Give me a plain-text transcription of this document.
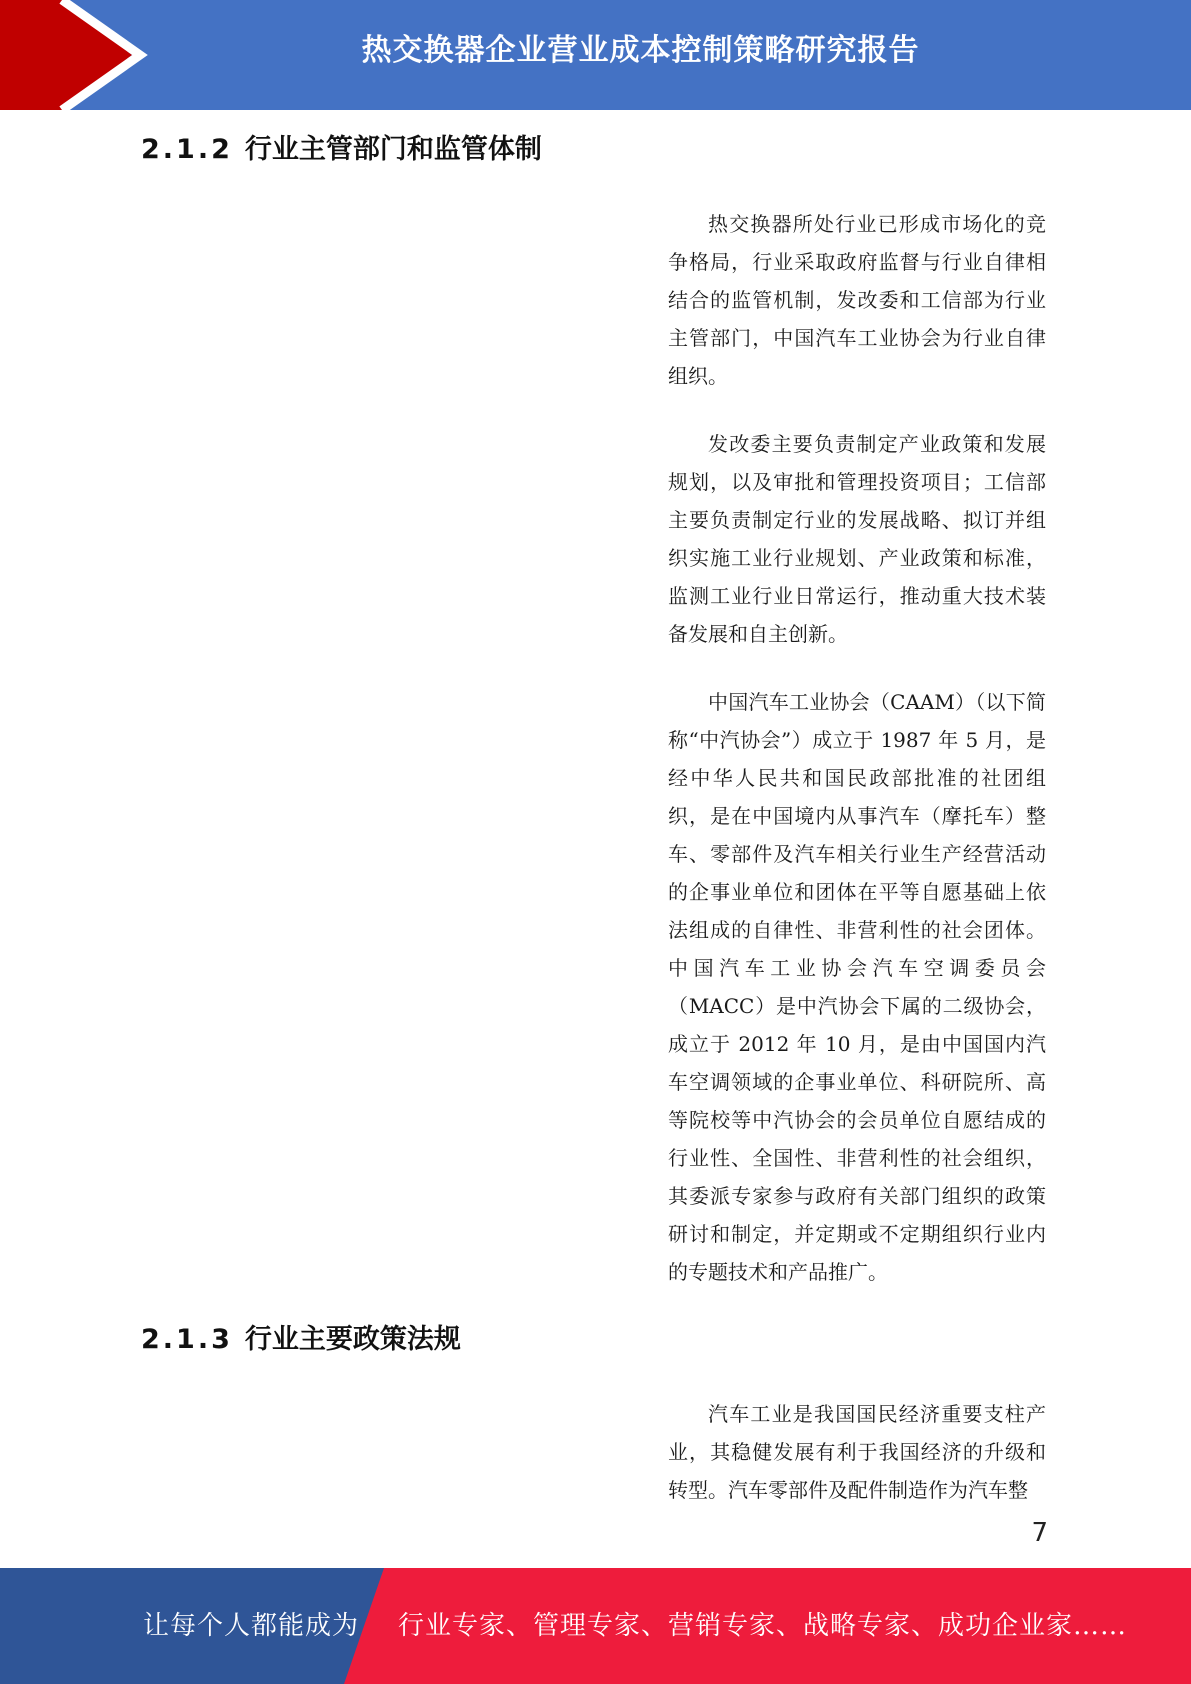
热交换器企业营业成本控制策略研究报告
2.1.2 行业主管部门和监管体制

热交换器所处行业已形成市场化的竞争格局，行业采取政府监督与行业自律相结合的监管机制，发改委和工信部为行业主管部门，中国汽车工业协会为行业自律组织。

发改委主要负责制定产业政策和发展规划，以及审批和管理投资项目；工信部主要负责制定行业的发展战略、拟订并组织实施工业行业规划、产业政策和标准，监测工业行业日常运行，推动重大技术装备发展和自主创新。

中国汽车工业协会（CAAM）（以下简称“中汽协会”）成立于 1987 年 5 月，是经中华人民共和国民政部批准的社团组织，是在中国境内从事汽车（摩托车）整车、零部件及汽车相关行业生产经营活动的企事业单位和团体在平等自愿基础上依法组成的自律性、非营利性的社会团体。中国汽车工业协会汽车空调委员会（MACC）是中汽协会下属的二级协会，成立于 2012 年 10 月，是由中国国内汽车空调领域的企事业单位、科研院所、高等院校等中汽协会的会员单位自愿结成的行业性、全国性、非营利性的社会组织，其委派专家参与政府有关部门组织的政策研讨和制定，并定期或不定期组织行业内的专题技术和产品推广。

2.1.3 行业主要政策法规

汽车工业是我国国民经济重要支柱产业，其稳健发展有利于我国经济的升级和转型。汽车零部件及配件制造作为汽车整

7
让每个人都能成为 行业专家、管理专家、营销专家、战略专家、成功企业家……
